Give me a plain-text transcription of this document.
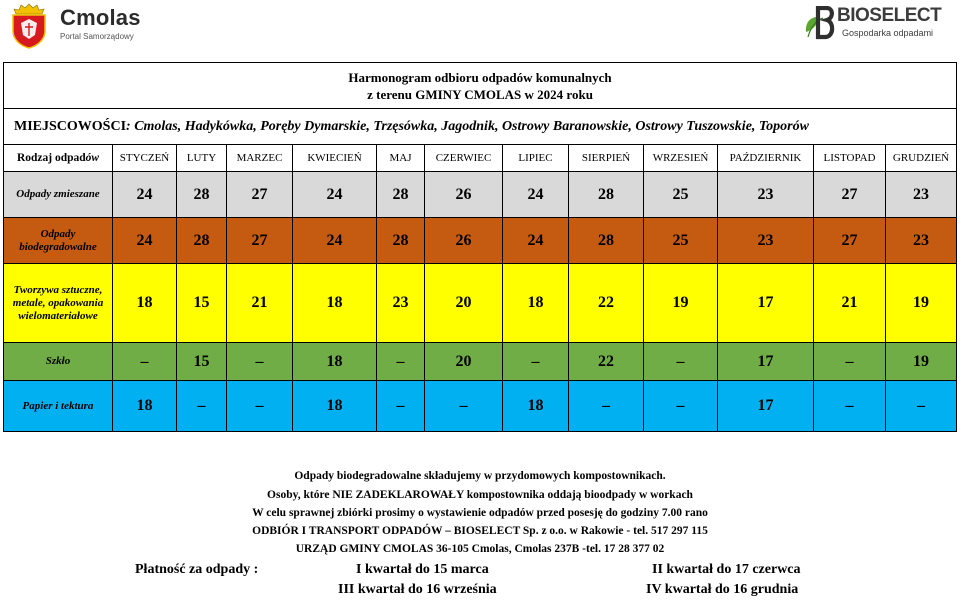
Cmolas
Portal Samorządowy
BIOSELECT
Gospodarka odpadami
Harmonogram odbioru odpadów komunalnych
z terenu GMINY CMOLAS w 2024 roku												

MIEJSCOWOŚCI: Cmolas, Hadykówka, Poręby Dymarskie, Trzęsówka, Jagodnik, Ostrowy Baranowskie, Ostrowy Tuszowskie, Toporów												
Rodzaj odpadów	STYCZEŃ	LUTY	MARZEC	KWIECIEŃ	MAJ	CZERWIEC	LIPIEC	SIERPIEŃ	WRZESIEŃ	PAŹDZIERNIK	LISTOPAD	GRUDZIEŃ
Odpady zmieszane	24	28	27	24	28	26	24	28	25	23	27	23
Odpady biodegradowalne	24	28	27	24	28	26	24	28	25	23	27	23
Tworzywa sztuczne, metale, opakowania wielomateriałowe	18	15	21	18	23	20	18	22	19	17	21	19
Szkło	–	15	–	18	–	20	–	22	–	17	–	19
Papier i tektura	18	–	–	18	–	–	18	–	–	17	–	–
Odpady biodegradowalne składujemy w przydomowych kompostownikach.
Osoby, które NIE ZADEKLAROWAŁY kompostownika oddają bioodpady w workach
W celu sprawnej zbiórki prosimy o wystawienie odpadów przed posesję do godziny 7.00 rano
ODBIÓR I TRANSPORT ODPADÓW – BIOSELECT Sp. z o.o. w Rakowie - tel. 517 297 115
URZĄD GMINY CMOLAS 36-105 Cmolas, Cmolas 237B -tel. 17 28 377 02
Płatność za odpady :	I kwartał do 15 marca	II kwartał do 17 czerwca
III kwartał do 16 września	IV kwartał do 16 grudnia
